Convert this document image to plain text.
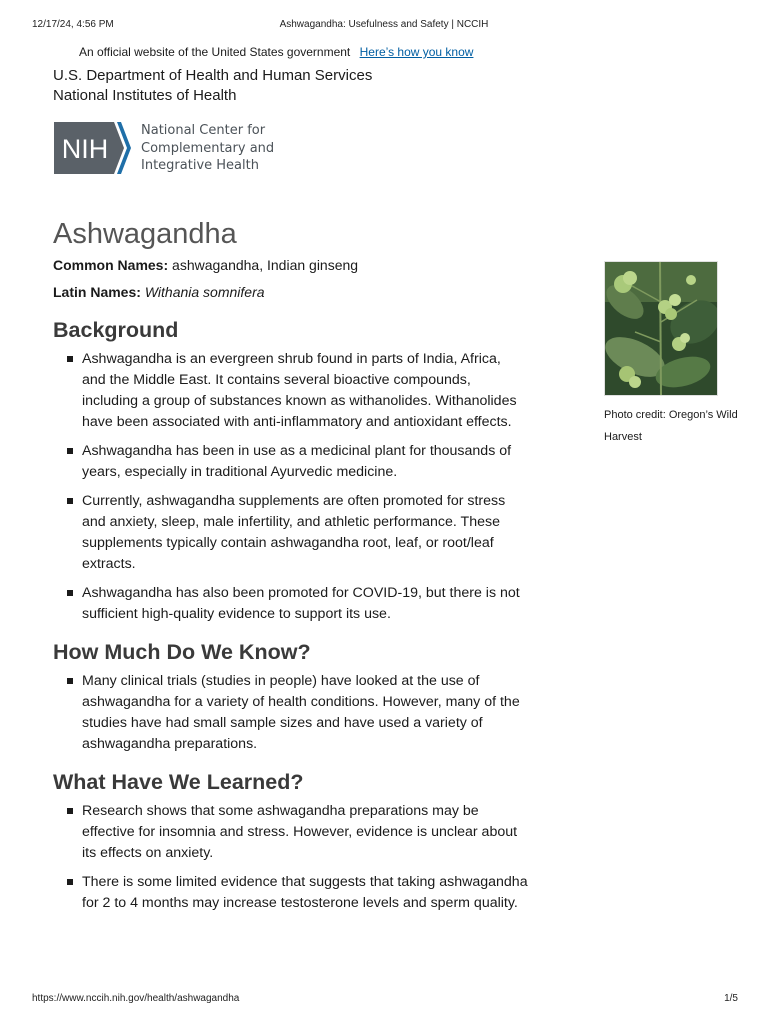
12/17/24, 4:56 PM	Ashwagandha: Usefulness and Safety | NCCIH
An official website of the United States government Here’s how you know
U.S. Department of Health and Human Services
National Institutes of Health
NIH
National Center for
Complementary and
Integrative Health
Ashwagandha

Common Names: ashwagandha, Indian ginseng

Latin Names: Withania somnifera

Background
Ashwagandha is an evergreen shrub found in parts of India, Africa, and the Middle East. It contains several bioactive compounds, including a group of substances known as withanolides. Withanolides have been associated with anti-inflammatory and antioxidant effects.
Ashwagandha has been in use as a medicinal plant for thousands of years, especially in traditional Ayurvedic medicine.
Currently, ashwagandha supplements are often promoted for stress and anxiety, sleep, male infertility, and athletic performance. These supplements typically contain ashwagandha root, leaf, or root/leaf extracts.
Ashwagandha has also been promoted for COVID-19, but there is not sufficient high-quality evidence to support its use.
How Much Do We Know?
Many clinical trials (studies in people) have looked at the use of ashwagandha for a variety of health conditions. However, many of the studies have had small sample sizes and have used a variety of ashwagandha preparations.
What Have We Learned?
Research shows that some ashwagandha preparations may be effective for insomnia and stress. However, evidence is unclear about its effects on anxiety.
There is some limited evidence that suggests that taking ashwagandha for 2 to 4 months may increase testosterone levels and sperm quality.
Photo credit: Oregon’s Wild Harvest
https://www.nccih.nih.gov/health/ashwagandha	1/5
